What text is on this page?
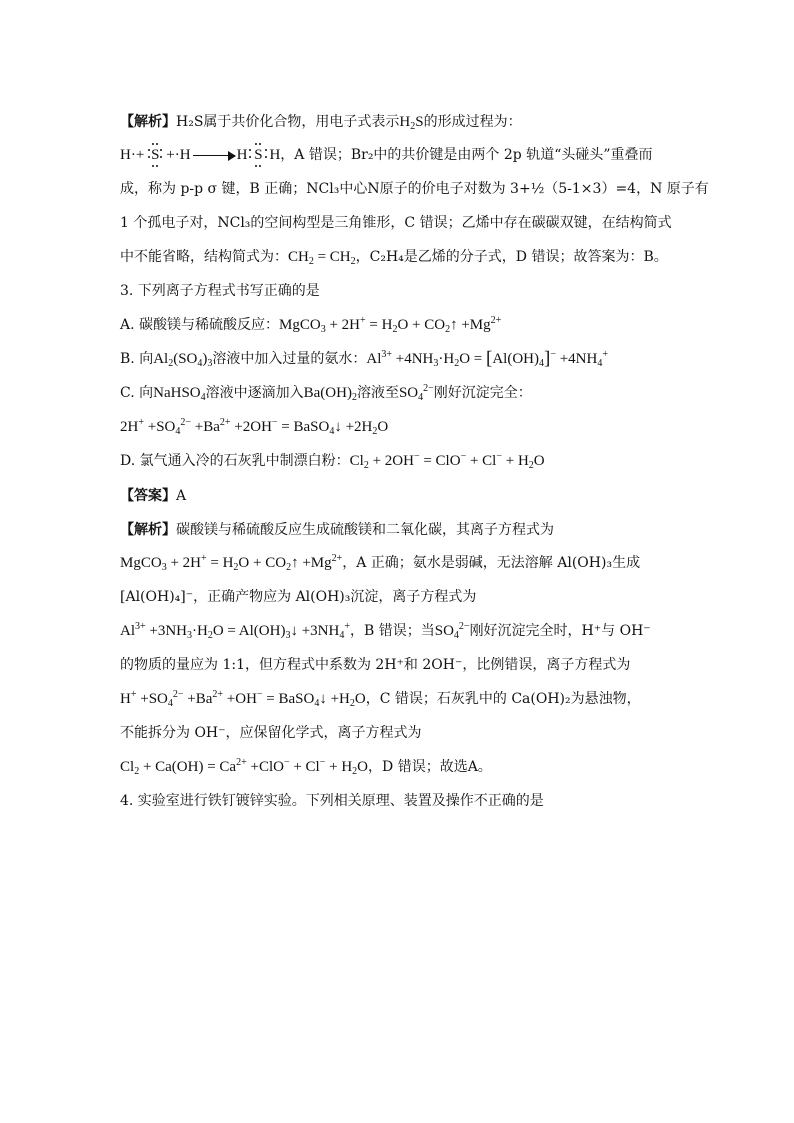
【解析】H₂S属于共价化合物，用电子式表示$H_2S$的形成过程为：
H·+ S +·H → H S H，A 错误；Br₂中的共价键是由两个 2p 轨道“头碰头”重叠而
成，称为 p-p σ 键，B 正确；NCl₃中心N原子的价电子对数为 3+½（5-1×3）=4，N 原子有
1 个孤电子对，NCl₃的空间构型是三角锥形，C 错误；乙烯中存在碳碳双键，在结构简式
中不能省略，结构简式为：$CH_2 = CH_2$，C₂H₄是乙烯的分子式，D 错误；故答案为：B。
3. 下列离子方程式书写正确的是
A. 碳酸镁与稀硫酸反应：MgCO$_3$ + $2H^+ = H_2O$ + $CO_2↑ +Mg^{2+}$
B. 向$Al_2(SO_4)_3$溶液中加入过量的氨水：$Al^{3+} +4NH_3\cdot H_2O = [Al(OH)_4]^- +4NH_4^+$
C. 向NaHSO$_4$溶液中逐滴加入$Ba(OH)_2$溶液至$SO_4^{2-}$刚好沉淀完全：
$2H^+ +SO_4^{2-} +Ba^{2+} +2OH^-$ = BaSO$_4$↓ $+2H_2O$
D. 氯气通入冷的石灰乳中制漂白粉：$Cl_2 + 2OH^- = ClO^- + Cl^- + H_2O$
【答案】A
【解析】碳酸镁与稀硫酸反应生成硫酸镁和二氧化碳，其离子方程式为
MgCO$_3$ + $2H^+ = H_2O$ + $CO_2↑ +Mg^{2+}$，A 正确；氨水是弱碱，无法溶解 Al(OH)₃生成
[Al(OH)₄]⁻，正确产物应为 Al(OH)₃沉淀，离子方程式为
$Al^{3+} +3NH_3\cdot H_2O$ = $Al(OH)_3↓ +3NH_4^+$，B 错误；当$SO_4^{2-}$刚好沉淀完全时，H⁺与 OH⁻
的物质的量应为 1:1，但方程式中系数为 2H⁺和 2OH⁻，比例错误，离子方程式为
$H^+ +SO_4^{2-} +Ba^{2+} +OH^-$ = BaSO$_4$↓ $+H_2O$，C 错误；石灰乳中的 Ca(OH)₂为悬浊物，
不能拆分为 OH⁻，应保留化学式，离子方程式为
$Cl_2 + Ca(OH) = Ca^{2+} +ClO^- + Cl^- + H_2O$，D 错误；故选A。
4. 实验室进行铁钉镀锌实验。下列相关原理、装置及操作不正确的是
